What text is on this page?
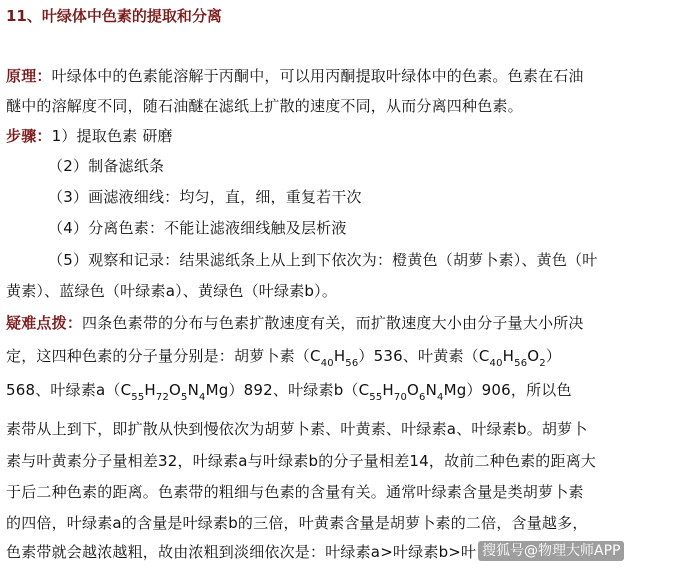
11、叶绿体中色素的提取和分离
原理：叶绿体中的色素能溶解于丙酮中，可以用丙酮提取叶绿体中的色素。色素在石油
醚中的溶解度不同，随石油醚在滤纸上扩散的速度不同，从而分离四种色素。
步骤：1）提取色素 研磨
（2）制备滤纸条
（3）画滤液细线：均匀，直，细，重复若干次
（4）分离色素：不能让滤液细线触及层析液
（5）观察和记录：结果滤纸条上从上到下依次为：橙黄色（胡萝卜素）、黄色（叶
黄素）、蓝绿色（叶绿素a）、黄绿色（叶绿素b）。
疑难点拨：四条色素带的分布与色素扩散速度有关，而扩散速度大小由分子量大小所决
定，这四种色素的分子量分别是：胡萝卜素$(C_{40}H_{56})536$、叶黄素$(C_{40}H_{56}O_2)$
568、叶绿素$a(C_{55}H_{72}O_5N_4Mg)892$、叶绿素$b(C_{55}H_{70}O_6N_4Mg)906$，所以色
素带从上到下，即扩散从快到慢依次为胡萝卜素、叶黄素、叶绿素a、叶绿素b。胡萝卜
素与叶黄素分子量相差32，叶绿素a与叶绿素b的分子量相差14，故前二种色素的距离大
于后二种色素的距离。色素带的粗细与色素的含量有关。通常叶绿素含量是类胡萝卜素
的四倍，叶绿素a的含量是叶绿素b的三倍，叶黄素含量是胡萝卜素的二倍，含量越多，
色素带就会越浓越粗，故由浓粗到淡细依次是：叶绿素a>叶绿素b>叶 搜狐号@物理大师APP
